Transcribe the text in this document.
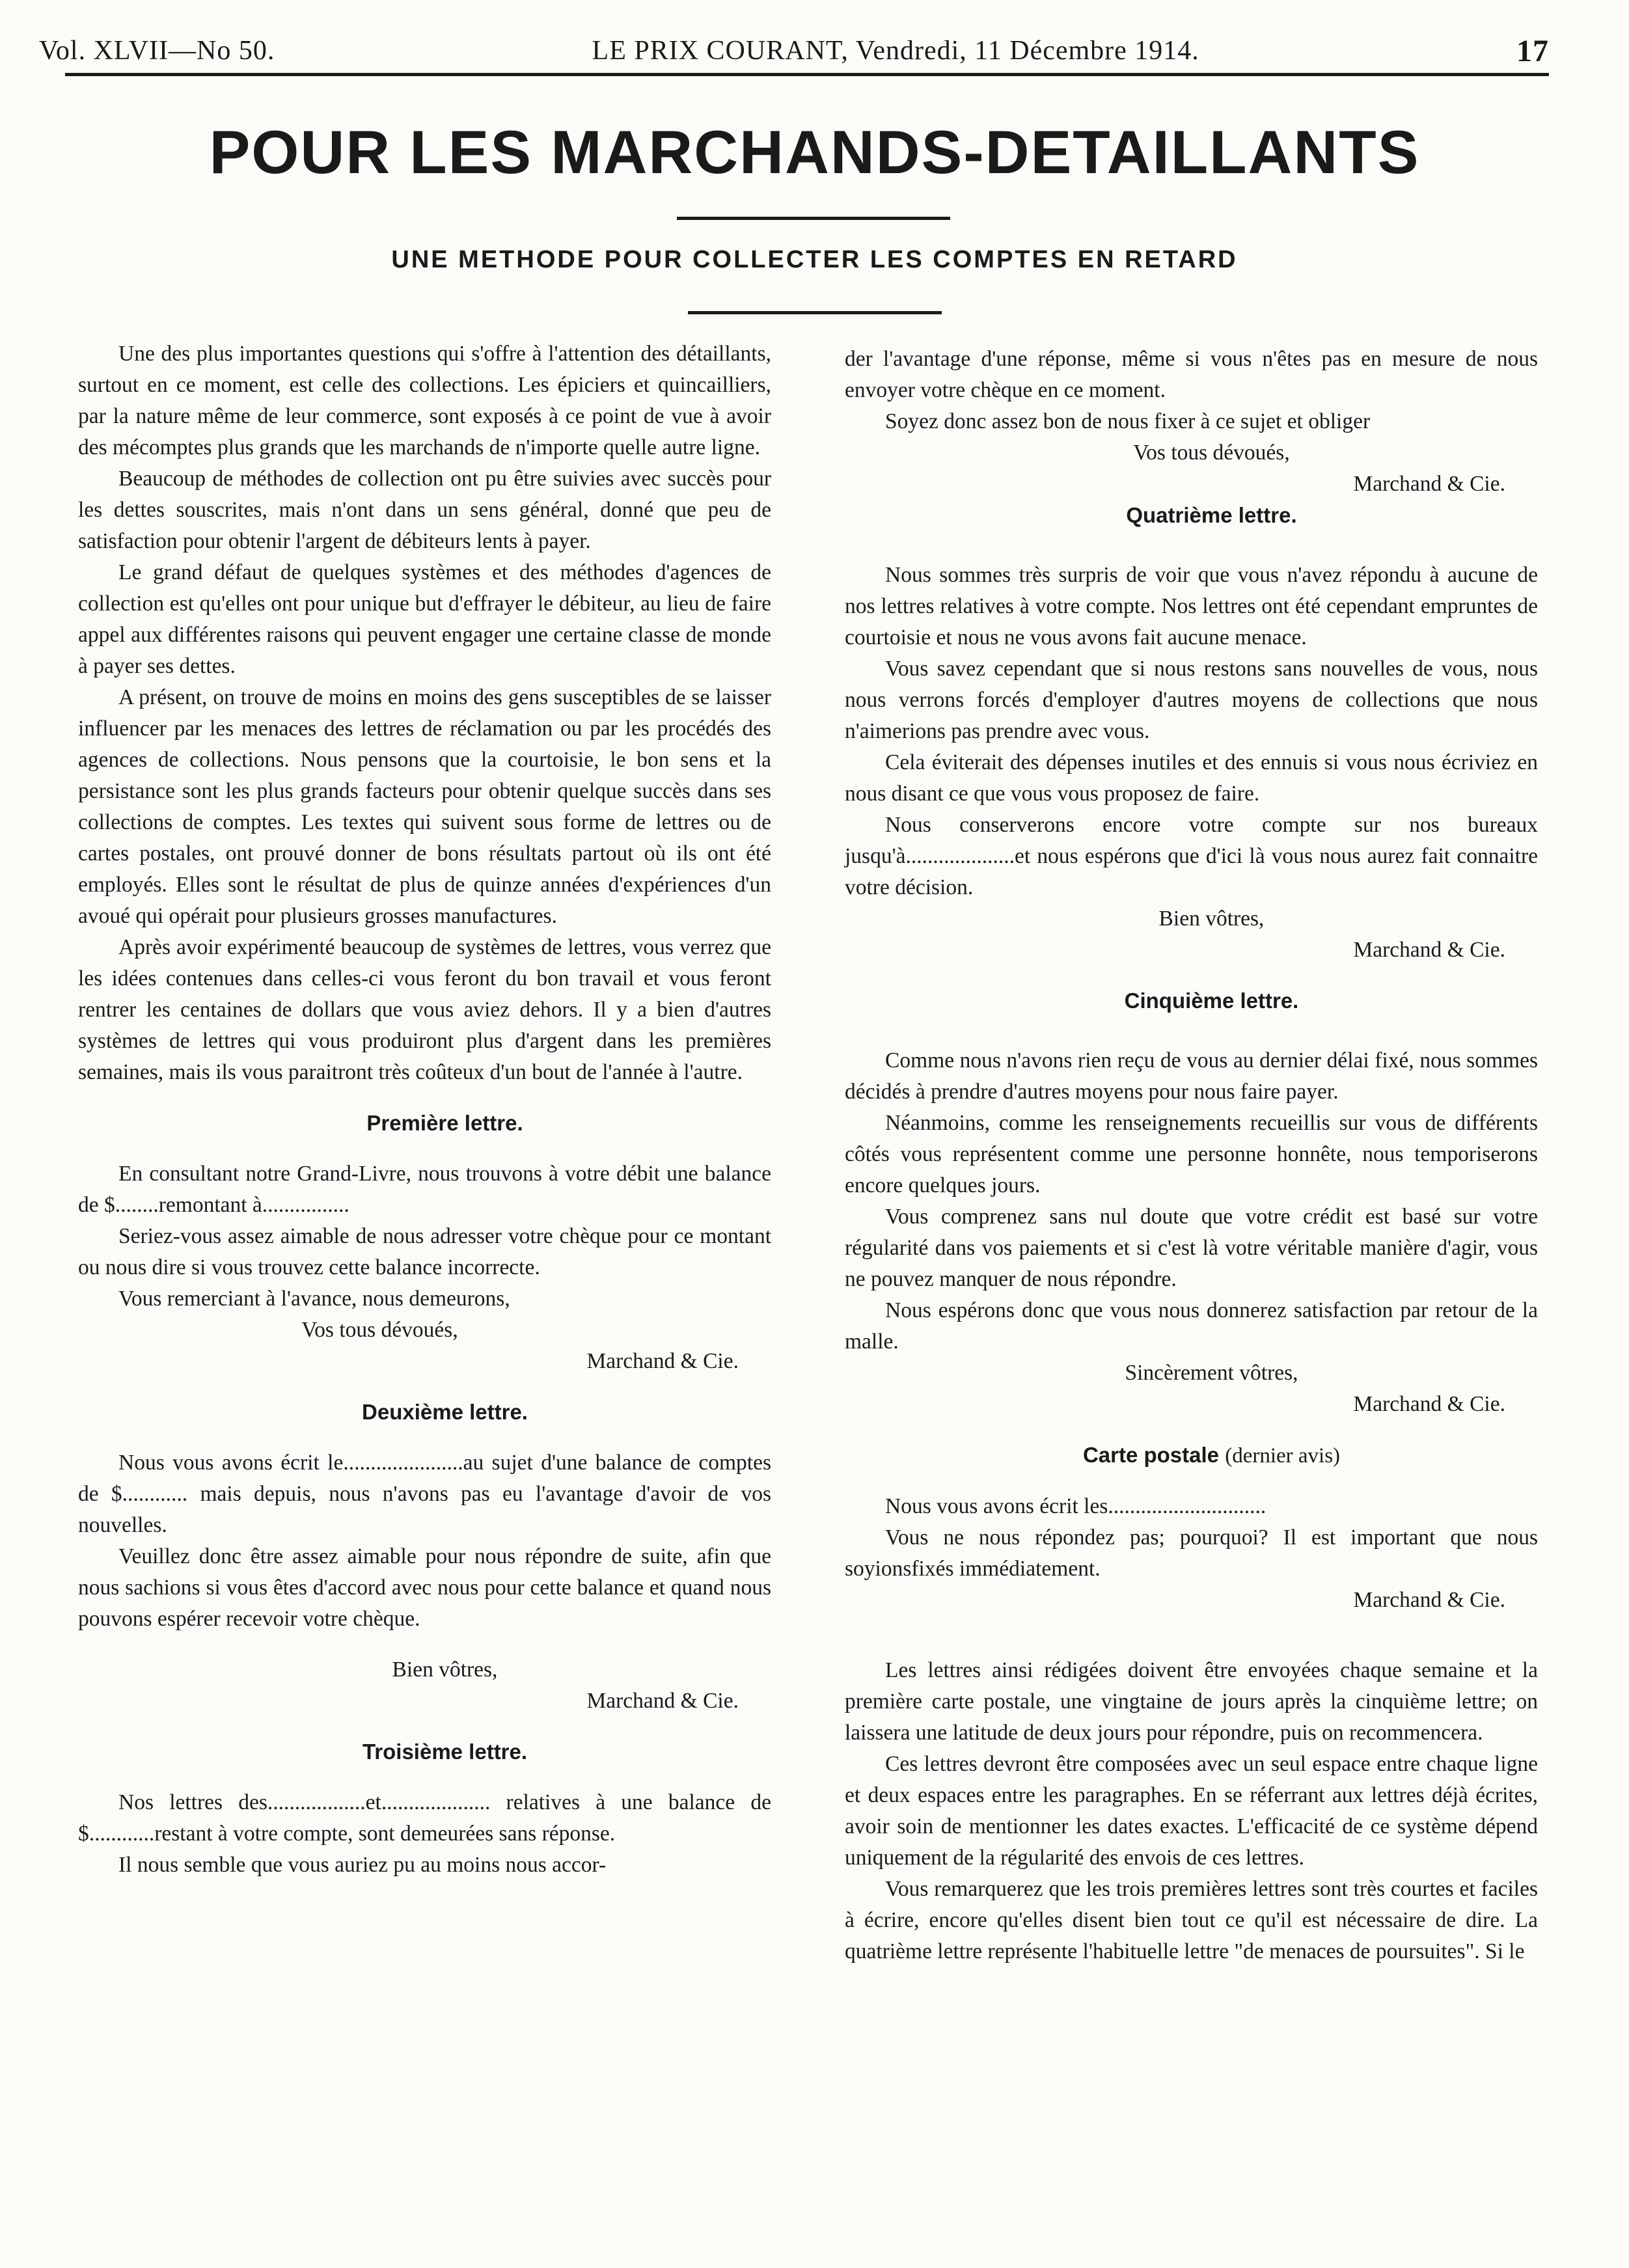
Vol. XLVII—No 50.	LE PRIX COURANT, Vendredi, 11 Décembre 1914.	17
POUR LES MARCHANDS-DETAILLANTS
UNE METHODE POUR COLLECTER LES COMPTES EN RETARD

Une des plus importantes questions qui s'offre à l'attention des détaillants, surtout en ce moment, est celle des collections. Les épiciers et quincailliers, par la nature même de leur commerce, sont exposés à ce point de vue à avoir des mécomptes plus grands que les marchands de n'importe quelle autre ligne.

Beaucoup de méthodes de collection ont pu être suivies avec succès pour les dettes souscrites, mais n'ont dans un sens général, donné que peu de satisfaction pour obtenir l'argent de débiteurs lents à payer.

Le grand défaut de quelques systèmes et des méthodes d'agences de collection est qu'elles ont pour unique but d'effrayer le débiteur, au lieu de faire appel aux différentes raisons qui peuvent engager une certaine classe de monde à payer ses dettes.

A présent, on trouve de moins en moins des gens susceptibles de se laisser influencer par les menaces des lettres de réclamation ou par les procédés des agences de collections. Nous pensons que la courtoisie, le bon sens et la persistance sont les plus grands facteurs pour obtenir quelque succès dans ses collections de comptes. Les textes qui suivent sous forme de lettres ou de cartes postales, ont prouvé donner de bons résultats partout où ils ont été employés. Elles sont le résultat de plus de quinze années d'expériences d'un avoué qui opérait pour plusieurs grosses manufactures.

Après avoir expérimenté beaucoup de systèmes de lettres, vous verrez que les idées contenues dans celles-ci vous feront du bon travail et vous feront rentrer les centaines de dollars que vous aviez dehors. Il y a bien d'autres systèmes de lettres qui vous produiront plus d'argent dans les premières semaines, mais ils vous paraitront très coûteux d'un bout de l'année à l'autre.

Première lettre.

En consultant notre Grand-Livre, nous trouvons à votre débit une balance de $........remontant à................

Seriez-vous assez aimable de nous adresser votre chèque pour ce montant ou nous dire si vous trouvez cette balance incorrecte.

Vous remerciant à l'avance, nous demeurons,

Vos tous dévoués,

Marchand & Cie.

Deuxième lettre.

Nous vous avons écrit le......................au sujet d'une balance de comptes de $............ mais depuis, nous n'avons pas eu l'avantage d'avoir de vos nouvelles.

Veuillez donc être assez aimable pour nous répondre de suite, afin que nous sachions si vous êtes d'accord avec nous pour cette balance et quand nous pouvons espérer recevoir votre chèque.

Bien vôtres,

Marchand & Cie.

Troisième lettre.

Nos lettres des..................et.................... relatives à une balance de $............restant à votre compte, sont demeurées sans réponse.

Il nous semble que vous auriez pu au moins nous accor-

der l'avantage d'une réponse, même si vous n'êtes pas en mesure de nous envoyer votre chèque en ce moment.

Soyez donc assez bon de nous fixer à ce sujet et obliger

Vos tous dévoués,

Marchand & Cie.

Quatrième lettre.

Nous sommes très surpris de voir que vous n'avez répondu à aucune de nos lettres relatives à votre compte. Nos lettres ont été cependant empruntes de courtoisie et nous ne vous avons fait aucune menace.

Vous savez cependant que si nous restons sans nouvelles de vous, nous nous verrons forcés d'employer d'autres moyens de collections que nous n'aimerions pas prendre avec vous.

Cela éviterait des dépenses inutiles et des ennuis si vous nous écriviez en nous disant ce que vous vous proposez de faire.

Nous conserverons encore votre compte sur nos bureaux jusqu'à....................et nous espérons que d'ici là vous nous aurez fait connaitre votre décision.

Bien vôtres,

Marchand & Cie.

Cinquième lettre.

Comme nous n'avons rien reçu de vous au dernier délai fixé, nous sommes décidés à prendre d'autres moyens pour nous faire payer.

Néanmoins, comme les renseignements recueillis sur vous de différents côtés vous représentent comme une personne honnête, nous temporiserons encore quelques jours.

Vous comprenez sans nul doute que votre crédit est basé sur votre régularité dans vos paiements et si c'est là votre véritable manière d'agir, vous ne pouvez manquer de nous répondre.

Nous espérons donc que vous nous donnerez satisfaction par retour de la malle.

Sincèrement vôtres,

Marchand & Cie.

Carte postale (dernier avis)

Nous vous avons écrit les.............................

Vous ne nous répondez pas; pourquoi? Il est important que nous soyionsfixés immédiatement.

Marchand & Cie.

Les lettres ainsi rédigées doivent être envoyées chaque semaine et la première carte postale, une vingtaine de jours après la cinquième lettre; on laissera une latitude de deux jours pour répondre, puis on recommencera.

Ces lettres devront être composées avec un seul espace entre chaque ligne et deux espaces entre les paragraphes. En se réferrant aux lettres déjà écrites, avoir soin de mentionner les dates exactes. L'efficacité de ce système dépend uniquement de la régularité des envois de ces lettres.

Vous remarquerez que les trois premières lettres sont très courtes et faciles à écrire, encore qu'elles disent bien tout ce qu'il est nécessaire de dire. La quatrième lettre représente l'habituelle lettre "de menaces de poursuites". Si le
